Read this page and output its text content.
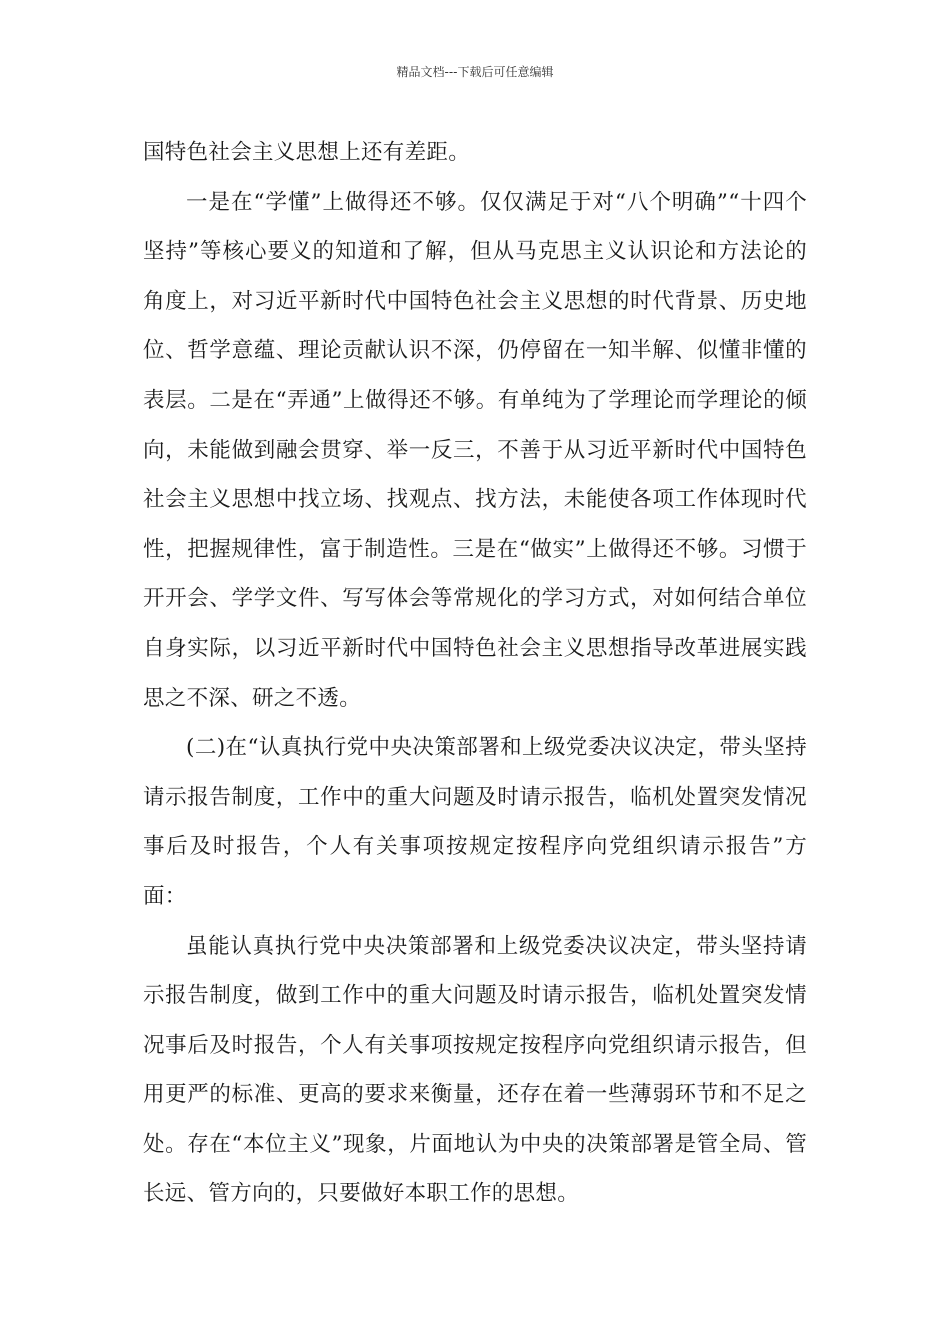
精品文档---下载后可任意编辑

国特色社会主义思想上还有差距。

一是在“学懂”上做得还不够。仅仅满足于对“八个明确”“十四个坚持”等核心要义的知道和了解，但从马克思主义认识论和方法论的角度上，对习近平新时代中国特色社会主义思想的时代背景、历史地位、哲学意蕴、理论贡献认识不深，仍停留在一知半解、似懂非懂的表层。二是在“弄通”上做得还不够。有单纯为了学理论而学理论的倾向，未能做到融会贯穿、举一反三，不善于从习近平新时代中国特色社会主义思想中找立场、找观点、找方法，未能使各项工作体现时代性，把握规律性，富于制造性。三是在“做实”上做得还不够。习惯于开开会、学学文件、写写体会等常规化的学习方式，对如何结合单位自身实际，以习近平新时代中国特色社会主义思想指导改革进展实践思之不深、研之不透。

(二)在“认真执行党中央决策部署和上级党委决议决定，带头坚持请示报告制度，工作中的重大问题及时请示报告，临机处置突发情况事后及时报告，个人有关事项按规定按程序向党组织请示报告”方面：

虽能认真执行党中央决策部署和上级党委决议决定，带头坚持请示报告制度，做到工作中的重大问题及时请示报告，临机处置突发情况事后及时报告，个人有关事项按规定按程序向党组织请示报告，但用更严的标准、更高的要求来衡量，还存在着一些薄弱环节和不足之处。存在“本位主义”现象，片面地认为中央的决策部署是管全局、管长远、管方向的，只要做好本职工作的思想。
